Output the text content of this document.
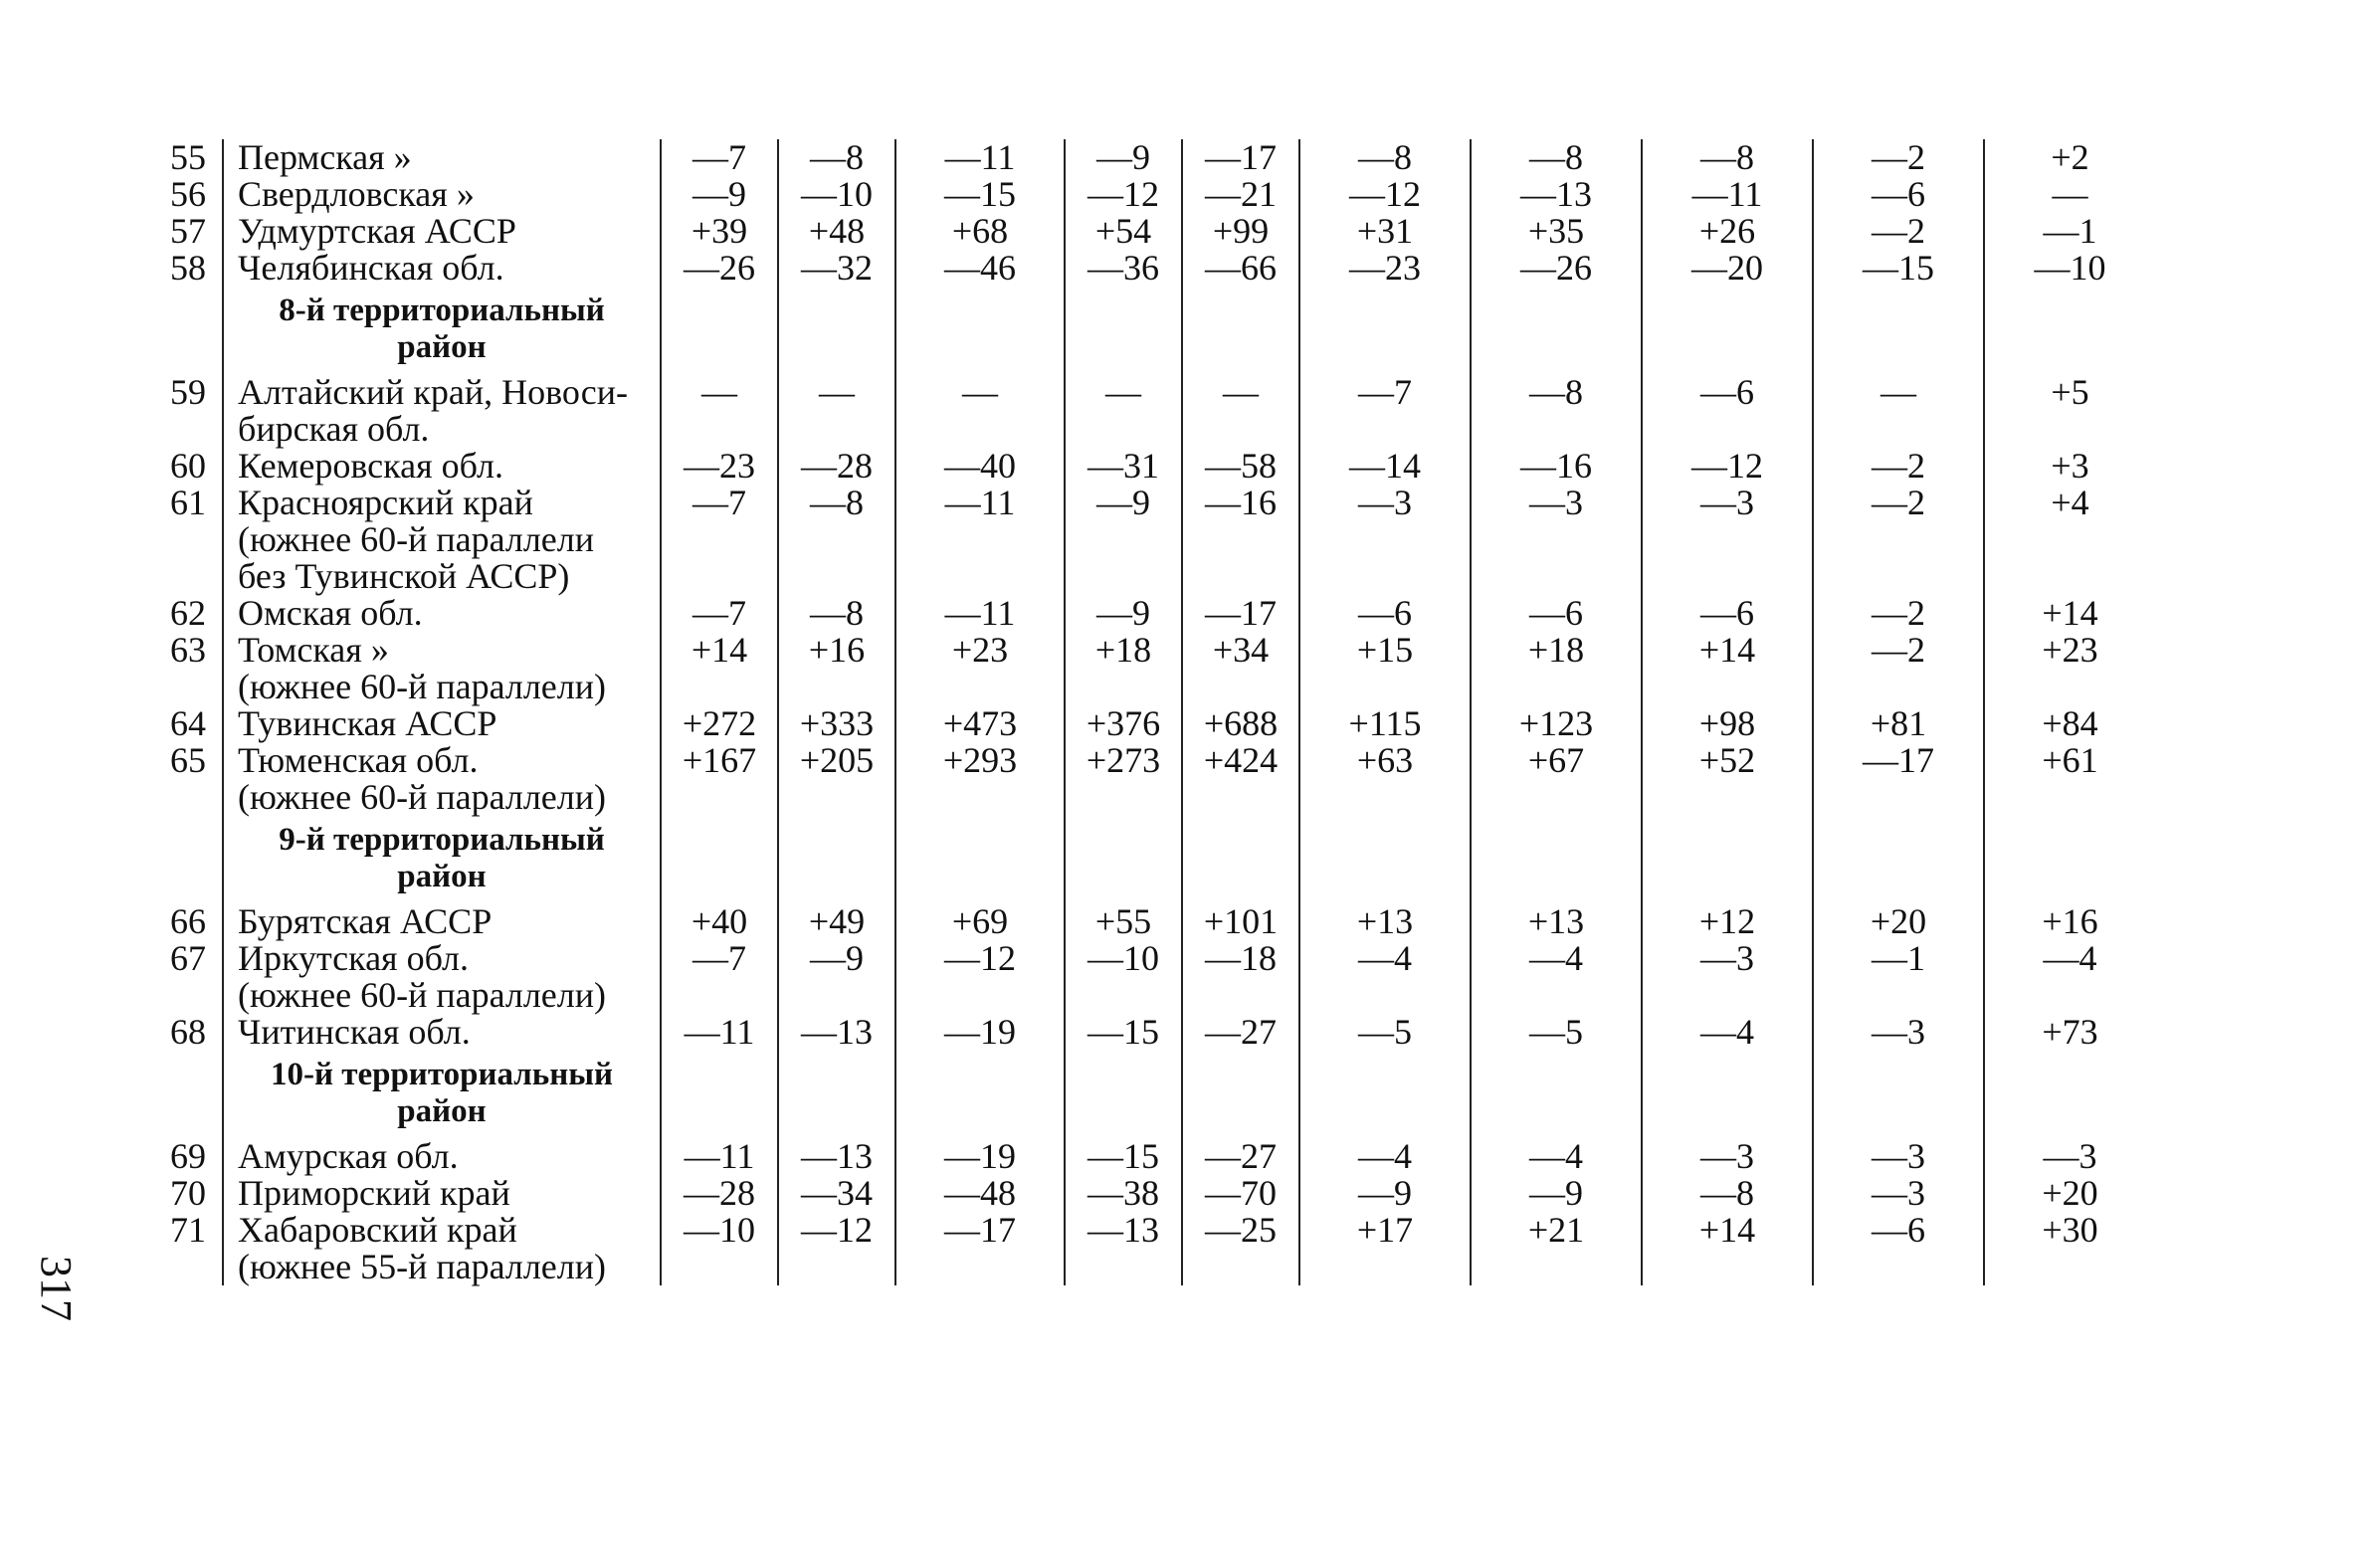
55	Пермская »	—7	—8	—11	—9	—17	—8	—8	—8	—2	+2
56	Свердловская »	—9	—10	—15	—12	—21	—12	—13	—11	—6	—
57	Удмуртская АССР	+39	+48	+68	+54	+99	+31	+35	+26	—2	—1
58	Челябинская обл.	—26	—32	—46	—36	—66	—23	—26	—20	—15	—10

	8-й территориальный
район										

59	Алтайский край, Новоси-	—	—	—	—	—	—7	—8	—6	—	+5
	бирская обл.										
60	Кемеровская обл.	—23	—28	—40	—31	—58	—14	—16	—12	—2	+3
61	Красноярский край	—7	—8	—11	—9	—16	—3	—3	—3	—2	+4
	(южнее 60-й параллели										
	без Тувинской АССР)										
62	Омская обл.	—7	—8	—11	—9	—17	—6	—6	—6	—2	+14
63	Томская »	+14	+16	+23	+18	+34	+15	+18	+14	—2	+23
	(южнее 60-й параллели)										
64	Тувинская АССР	+272	+333	+473	+376	+688	+115	+123	+98	+81	+84
65	Тюменская обл.	+167	+205	+293	+273	+424	+63	+67	+52	—17	+61
	(южнее 60-й параллели)										

	9-й территориальный
район										

66	Бурятская АССР	+40	+49	+69	+55	+101	+13	+13	+12	+20	+16
67	Иркутская обл.	—7	—9	—12	—10	—18	—4	—4	—3	—1	—4
	(южнее 60-й параллели)										
68	Читинская обл.	—11	—13	—19	—15	—27	—5	—5	—4	—3	+73

	10-й территориальный
район										

69	Амурская обл.	—11	—13	—19	—15	—27	—4	—4	—3	—3	—3
70	Приморский край	—28	—34	—48	—38	—70	—9	—9	—8	—3	+20
71	Хабаровский край	—10	—12	—17	—13	—25	+17	+21	+14	—6	+30
	(южнее 55-й параллели)										
317
